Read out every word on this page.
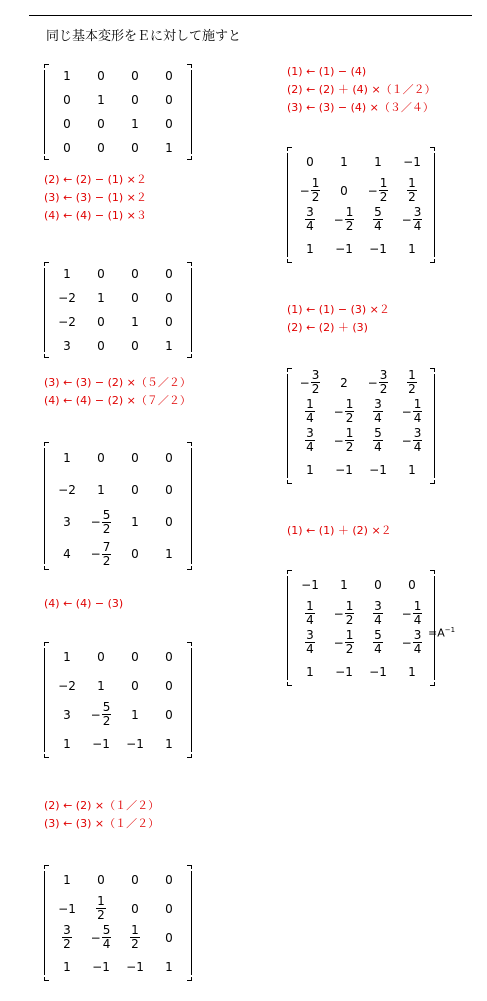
同じ基本変形をＥに対して施すと
1	0	0	0
0	1	0	0
0	0	1	0
0	0	0	1
(2) ← (2) − (1) ×２
(3) ← (3) − (1) ×２
(4) ← (4) − (1) ×３
1	0	0	0
−2	1	0	0
−2	0	1	0
3	0	0	1
(3) ← (3) − (2) ×（５／２）
(4) ← (4) − (2) ×（７／２）
1	0	0	0
−2	1	0	0
3	− $\frac{5}{2}$	1	0
4	− $\frac{7}{2}$	0	1
(4) ← (4) − (3)
1	0	0	0
−2	1	0	0
3	− $\frac{5}{2}$	1	0
1	−1	−1	1
(2) ← (2) ×（１／２）
(3) ← (3) ×（１／２）
1	0	0	0
−1	$\frac{1}{2}$	0	0

$\frac{3}{2}$	− $\frac{5}{4}$	$\frac{1}{2}$	0
1	−1	−1	1
(1) ← (1) − (4)
(2) ← (2) ＋ (4) ×（１／２）
(3) ← (3) − (4) ×（３／４）
0	1	1	−1
− $\frac{1}{2}$	0	− $\frac{1}{2}$	$\frac{1}{2}$

$\frac{3}{4}$	− $\frac{1}{2}$	$\frac{5}{4}$	− $\frac{3}{4}$

1	−1	−1	1
(1) ← (1) − (3) ×２
(2) ← (2) ＋ (3)
− $\frac{3}{2}$	2	− $\frac{3}{2}$	$\frac{1}{2}$

$\frac{1}{4}$	− $\frac{1}{2}$	$\frac{3}{4}$	− $\frac{1}{4}$

$\frac{3}{4}$	− $\frac{1}{2}$	$\frac{5}{4}$	− $\frac{3}{4}$

1	−1	−1	1
(1) ← (1) ＋ (2) ×２
−1	1	0	0

$\frac{1}{4}$	− $\frac{1}{2}$	$\frac{3}{4}$	− $\frac{1}{4}$

$\frac{3}{4}$	− $\frac{1}{2}$	$\frac{5}{4}$	− $\frac{3}{4}$

1	−1	−1	1
$=A^{-1}$
